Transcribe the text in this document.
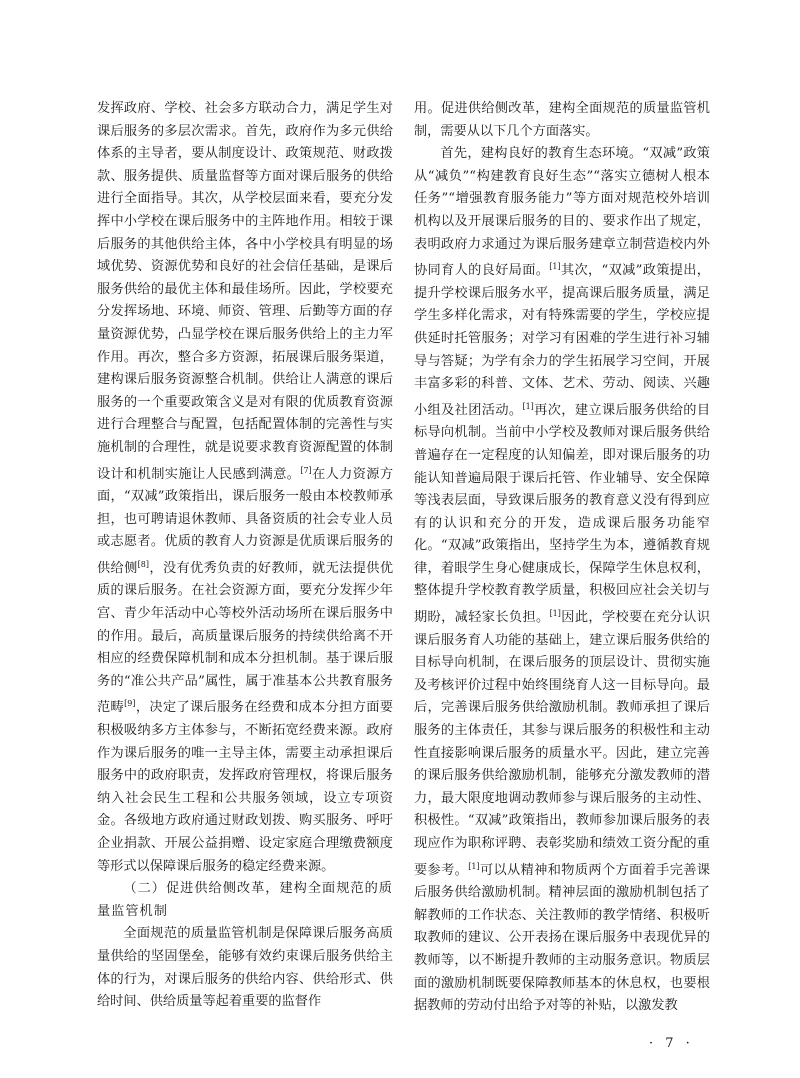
发挥政府、学校、社会多方联动合力，满足学生对课后服务的多层次需求。首先，政府作为多元供给体系的主导者，要从制度设计、政策规范、财政拨款、服务提供、质量监督等方面对课后服务的供给进行全面指导。其次，从学校层面来看，要充分发挥中小学校在课后服务中的主阵地作用。相较于课后服务的其他供给主体，各中小学校具有明显的场域优势、资源优势和良好的社会信任基础，是课后服务供给的最优主体和最佳场所。因此，学校要充分发挥场地、环境、师资、管理、后勤等方面的存量资源优势，凸显学校在课后服务供给上的主力军作用。再次，整合多方资源，拓展课后服务渠道，建构课后服务资源整合机制。供给让人满意的课后服务的一个重要政策含义是对有限的优质教育资源进行合理整合与配置，包括配置体制的完善性与实施机制的合理性，就是说要求教育资源配置的体制设计和机制实施让人民感到满意。[7]在人力资源方面，“双减”政策指出，课后服务一般由本校教师承担，也可聘请退休教师、具备资质的社会专业人员或志愿者。优质的教育人力资源是优质课后服务的供给侧[8]，没有优秀负责的好教师，就无法提供优质的课后服务。在社会资源方面，要充分发挥少年宫、青少年活动中心等校外活动场所在课后服务中的作用。最后，高质量课后服务的持续供给离不开相应的经费保障机制和成本分担机制。基于课后服务的“准公共产品”属性，属于准基本公共教育服务范畴[9]，决定了课后服务在经费和成本分担方面要积极吸纳多方主体参与，不断拓宽经费来源。政府作为课后服务的唯一主导主体，需要主动承担课后服务中的政府职责，发挥政府管理权，将课后服务纳入社会民生工程和公共服务领域，设立专项资金。各级地方政府通过财政划拨、购买服务、呼吁企业捐款、开展公益捐赠、设定家庭合理缴费额度等形式以保障课后服务的稳定经费来源。

（二）促进供给侧改革，建构全面规范的质量监管机制

全面规范的质量监管机制是保障课后服务高质量供给的坚固堡垒，能够有效约束课后服务供给主体的行为，对课后服务的供给内容、供给形式、供给时间、供给质量等起着重要的监督作

用。促进供给侧改革，建构全面规范的质量监管机制，需要从以下几个方面落实。

首先，建构良好的教育生态环境。“双减”政策从“减负”“构建教育良好生态”“落实立德树人根本任务”“增强教育服务能力”等方面对规范校外培训机构以及开展课后服务的目的、要求作出了规定，表明政府力求通过为课后服务建章立制营造校内外协同育人的良好局面。[1]其次，“双减”政策提出，提升学校课后服务水平，提高课后服务质量，满足学生多样化需求，对有特殊需要的学生，学校应提供延时托管服务；对学习有困难的学生进行补习辅导与答疑；为学有余力的学生拓展学习空间，开展丰富多彩的科普、文体、艺术、劳动、阅读、兴趣小组及社团活动。[1]再次，建立课后服务供给的目标导向机制。当前中小学校及教师对课后服务供给普遍存在一定程度的认知偏差，即对课后服务的功能认知普遍局限于课后托管、作业辅导、安全保障等浅表层面，导致课后服务的教育意义没有得到应有的认识和充分的开发，造成课后服务功能窄化。“双减”政策指出，坚持学生为本，遵循教育规律，着眼学生身心健康成长，保障学生休息权利，整体提升学校教育教学质量，积极回应社会关切与期盼，减轻家长负担。[1]因此，学校要在充分认识课后服务育人功能的基础上，建立课后服务供给的目标导向机制，在课后服务的顶层设计、贯彻实施及考核评价过程中始终围绕育人这一目标导向。最后，完善课后服务供给激励机制。教师承担了课后服务的主体责任，其参与课后服务的积极性和主动性直接影响课后服务的质量水平。因此，建立完善的课后服务供给激励机制，能够充分激发教师的潜力，最大限度地调动教师参与课后服务的主动性、积极性。“双减”政策指出，教师参加课后服务的表现应作为职称评聘、表彰奖励和绩效工资分配的重要参考。[1]可以从精神和物质两个方面着手完善课后服务供给激励机制。精神层面的激励机制包括了解教师的工作状态、关注教师的教学情绪、积极听取教师的建议、公开表扬在课后服务中表现优异的教师等，以不断提升教师的主动服务意识。物质层面的激励机制既要保障教师基本的休息权，也要根据教师的劳动付出给予对等的补贴，以激发教

· 7 ·
